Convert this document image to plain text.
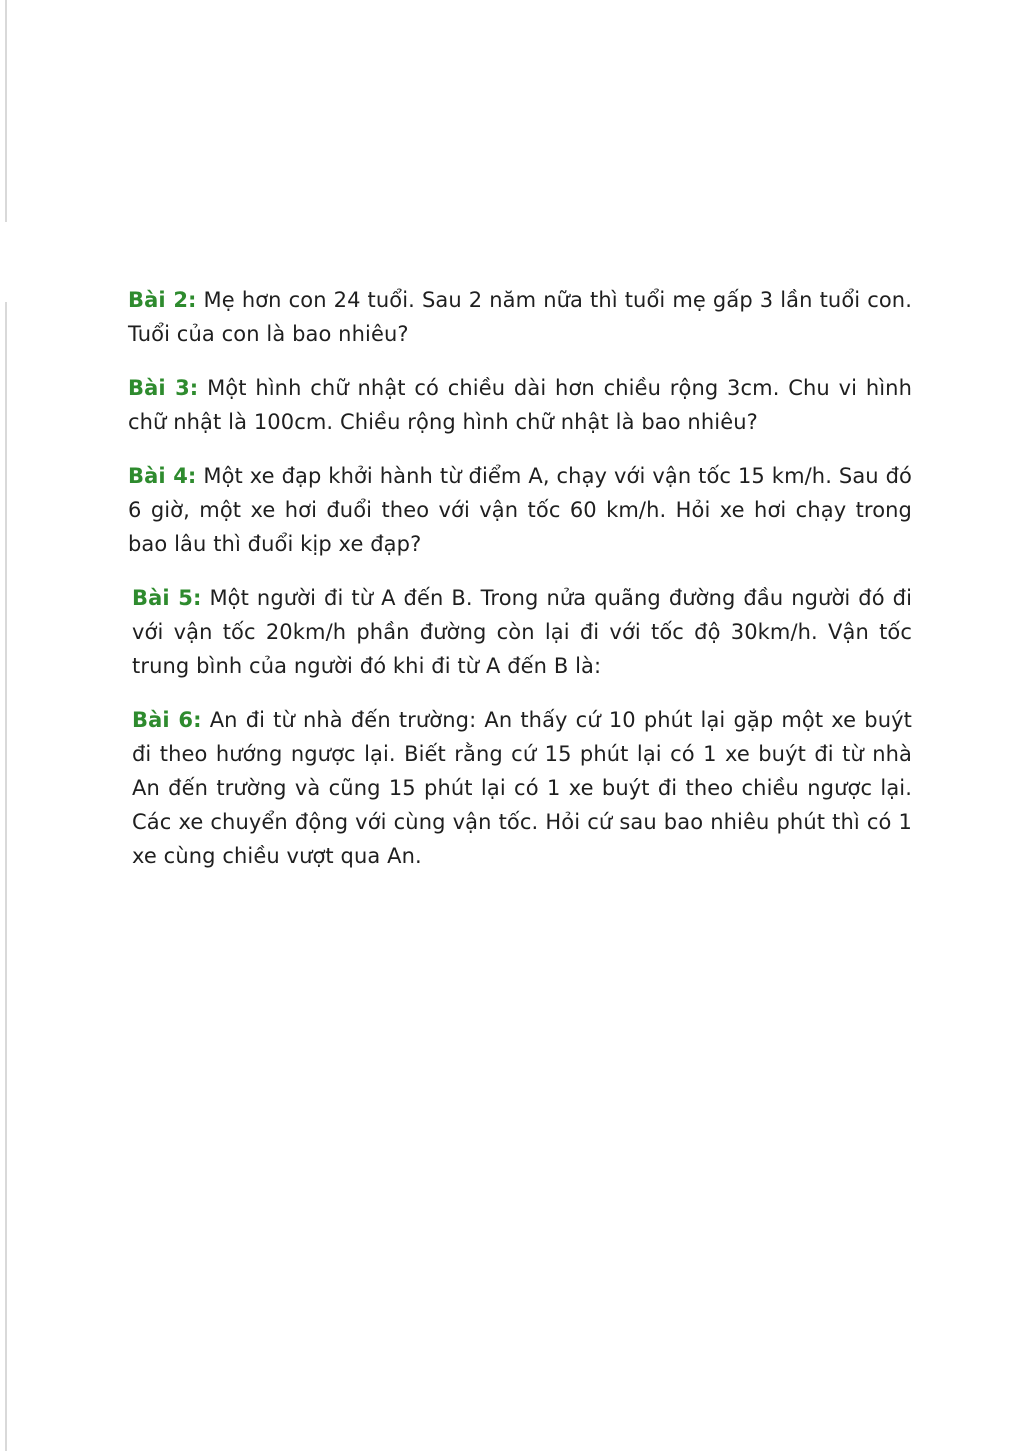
Bài 2: Mẹ hơn con 24 tuổi. Sau 2 năm nữa thì tuổi mẹ gấp 3 lần tuổi con. Tuổi của con là bao nhiêu?

Bài 3: Một hình chữ nhật có chiều dài hơn chiều rộng 3cm. Chu vi hình chữ nhật là 100cm. Chiều rộng hình chữ nhật là bao nhiêu?

Bài 4: Một xe đạp khởi hành từ điểm A, chạy với vận tốc 15 km/h. Sau đó 6 giờ, một xe hơi đuổi theo với vận tốc 60 km/h. Hỏi xe hơi chạy trong bao lâu thì đuổi kịp xe đạp?

Bài 5: Một người đi từ A đến B. Trong nửa quãng đường đầu người đó đi với vận tốc 20km/h phần đường còn lại đi với tốc độ 30km/h. Vận tốc trung bình của người đó khi đi từ A đến B là:

Bài 6: An đi từ nhà đến trường: An thấy cứ 10 phút lại gặp một xe buýt đi theo hướng ngược lại. Biết rằng cứ 15 phút lại có 1 xe buýt đi từ nhà An đến trường và cũng 15 phút lại có 1 xe buýt đi theo chiều ngược lại. Các xe chuyển động với cùng vận tốc. Hỏi cứ sau bao nhiêu phút thì có 1 xe cùng chiều vượt qua An.
